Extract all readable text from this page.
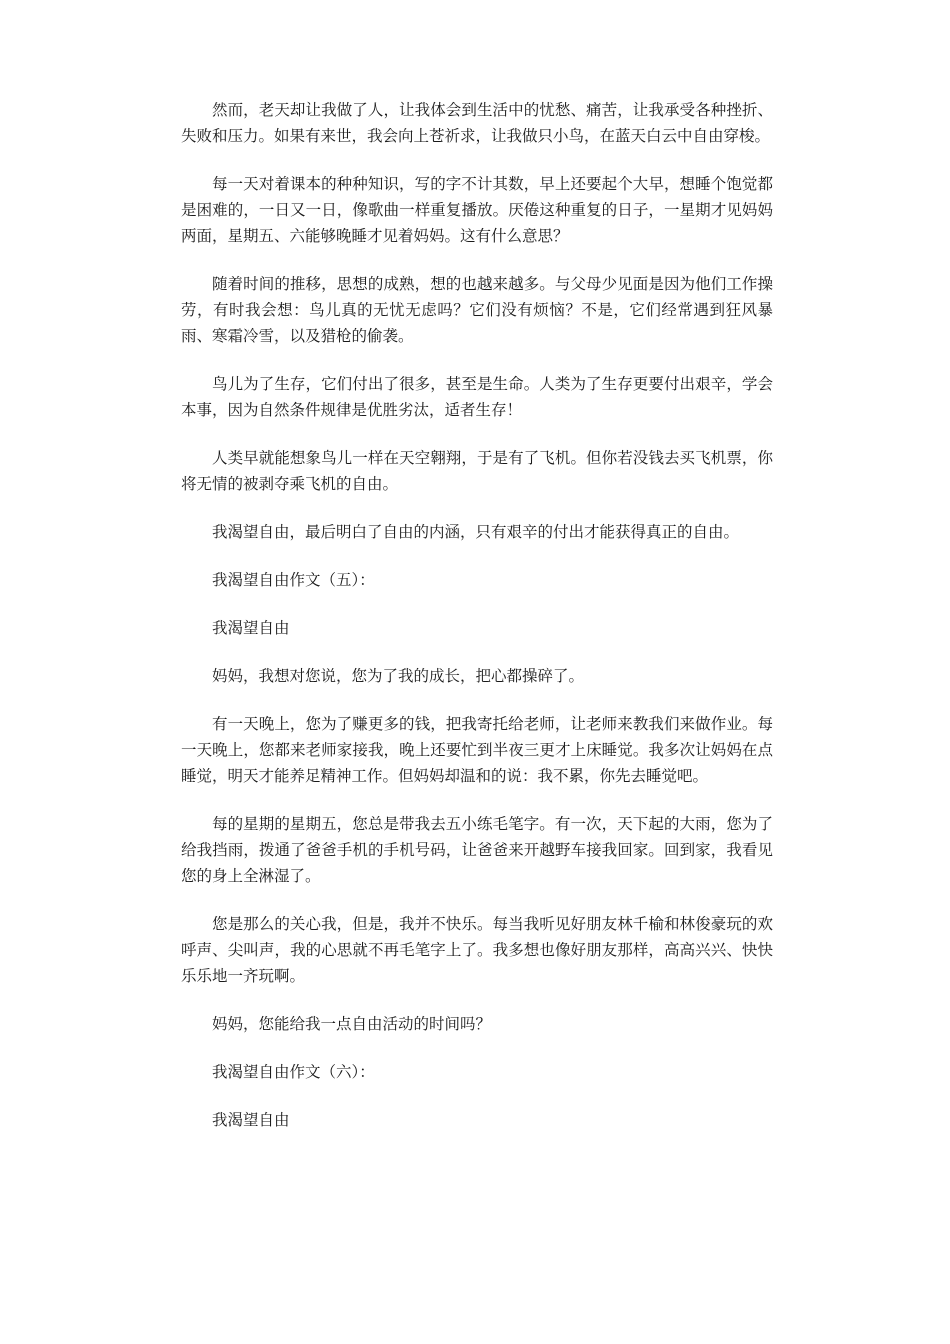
然而，老天却让我做了人，让我体会到生活中的忧愁、痛苦，让我承受各种挫折、失败和压力。如果有来世，我会向上苍祈求，让我做只小鸟，在蓝天白云中自由穿梭。

每一天对着课本的种种知识，写的字不计其数，早上还要起个大早，想睡个饱觉都是困难的，一日又一日，像歌曲一样重复播放。厌倦这种重复的日子，一星期才见妈妈两面，星期五、六能够晚睡才见着妈妈。这有什么意思？

随着时间的推移，思想的成熟，想的也越来越多。与父母少见面是因为他们工作操劳，有时我会想：鸟儿真的无忧无虑吗？它们没有烦恼？不是，它们经常遇到狂风暴雨、寒霜冷雪，以及猎枪的偷袭。

鸟儿为了生存，它们付出了很多，甚至是生命。人类为了生存更要付出艰辛，学会本事，因为自然条件规律是优胜劣汰，适者生存！

人类早就能想象鸟儿一样在天空翱翔，于是有了飞机。但你若没钱去买飞机票，你将无情的被剥夺乘飞机的自由。

我渴望自由，最后明白了自由的内涵，只有艰辛的付出才能获得真正的自由。

我渴望自由作文（五）：

我渴望自由

妈妈，我想对您说，您为了我的成长，把心都操碎了。

有一天晚上，您为了赚更多的钱，把我寄托给老师，让老师来教我们来做作业。每一天晚上，您都来老师家接我，晚上还要忙到半夜三更才上床睡觉。我多次让妈妈在点睡觉，明天才能养足精神工作。但妈妈却温和的说：我不累，你先去睡觉吧。

每的星期的星期五，您总是带我去五小练毛笔字。有一次，天下起的大雨，您为了给我挡雨，拨通了爸爸手机的手机号码，让爸爸来开越野车接我回家。回到家，我看见您的身上全淋湿了。

您是那么的关心我，但是，我并不快乐。每当我听见好朋友林千榆和林俊豪玩的欢呼声、尖叫声，我的心思就不再毛笔字上了。我多想也像好朋友那样，高高兴兴、快快乐乐地一齐玩啊。

妈妈，您能给我一点自由活动的时间吗？

我渴望自由作文（六）：

我渴望自由
